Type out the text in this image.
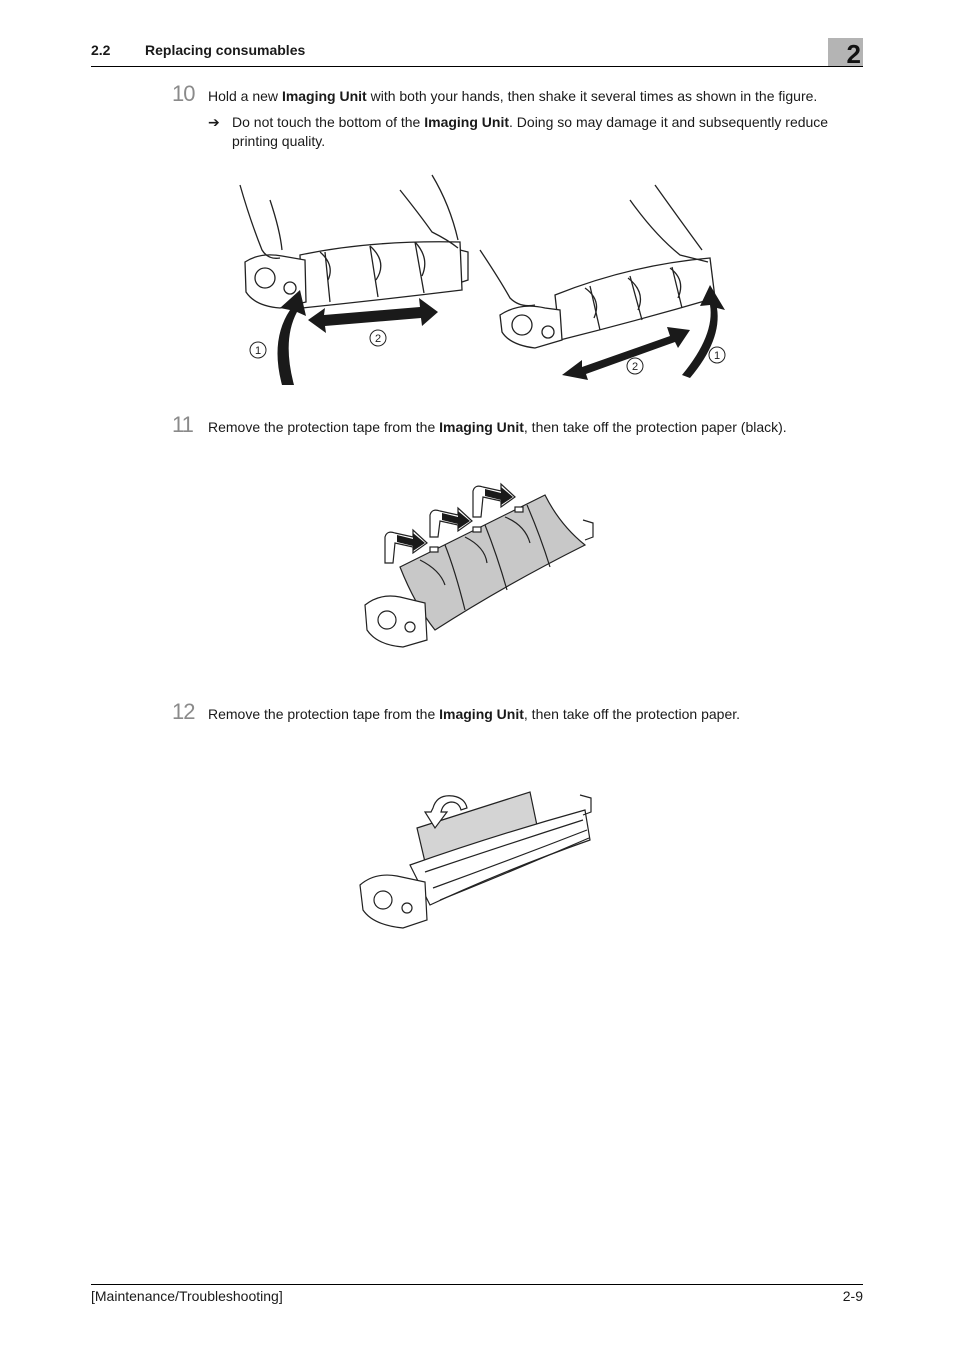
2.2 Replacing consumables	2
10 Hold a new Imaging Unit with both your hands, then shake it several times as shown in the figure.
➔ Do not touch the bottom of the Imaging Unit. Doing so may damage it and subsequently reduce printing quality.
1
2
2
1
11 Remove the protection tape from the Imaging Unit, then take off the protection paper (black).
12 Remove the protection tape from the Imaging Unit, then take off the protection paper.
[Maintenance/Troubleshooting]	2-9
